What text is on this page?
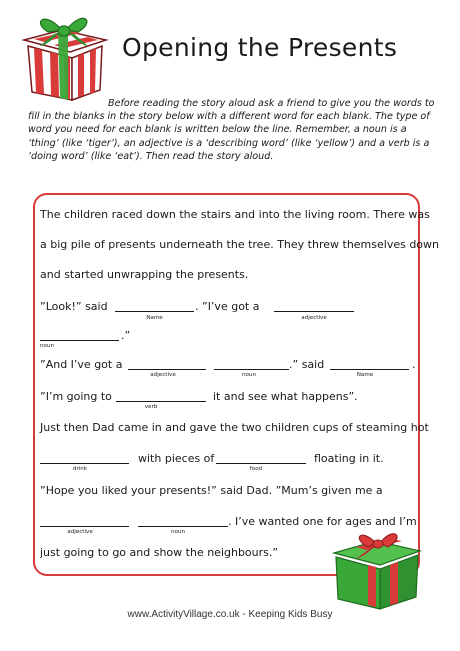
Opening the Presents
Before reading the story aloud ask a friend to give you the words to fill in the blanks in the story below with a different word for each blank. The type of word you need for each blank is written below the line. Remember, a noun is a ‘thing’ (like ‘tiger’), an adjective is a ‘describing word’ (like ‘yellow’) and a verb is a ‘doing word’ (like ‘eat’). Then read the story aloud.
The children raced down the stairs and into the living room. There was
a big pile of presents underneath the tree. They threw themselves down
and started unwrapping the presents.
”Look!” said
Name
. ”I’ve got a
adjective
noun
.”
”And I’ve got a
adjective	noun
.” said
Name
.
”I’m going to
verb
it and see what happens”.
Just then Dad came in and gave the two children cups of steaming hot
drink
with pieces of
food
floating in it.
”Hope you liked your presents!” said Dad. ”Mum’s given me a
adjective	noun
. I’ve wanted one for ages and I’m
just going to go and show the neighbours.”
www.ActivityVillage.co.uk - Keeping Kids Busy
